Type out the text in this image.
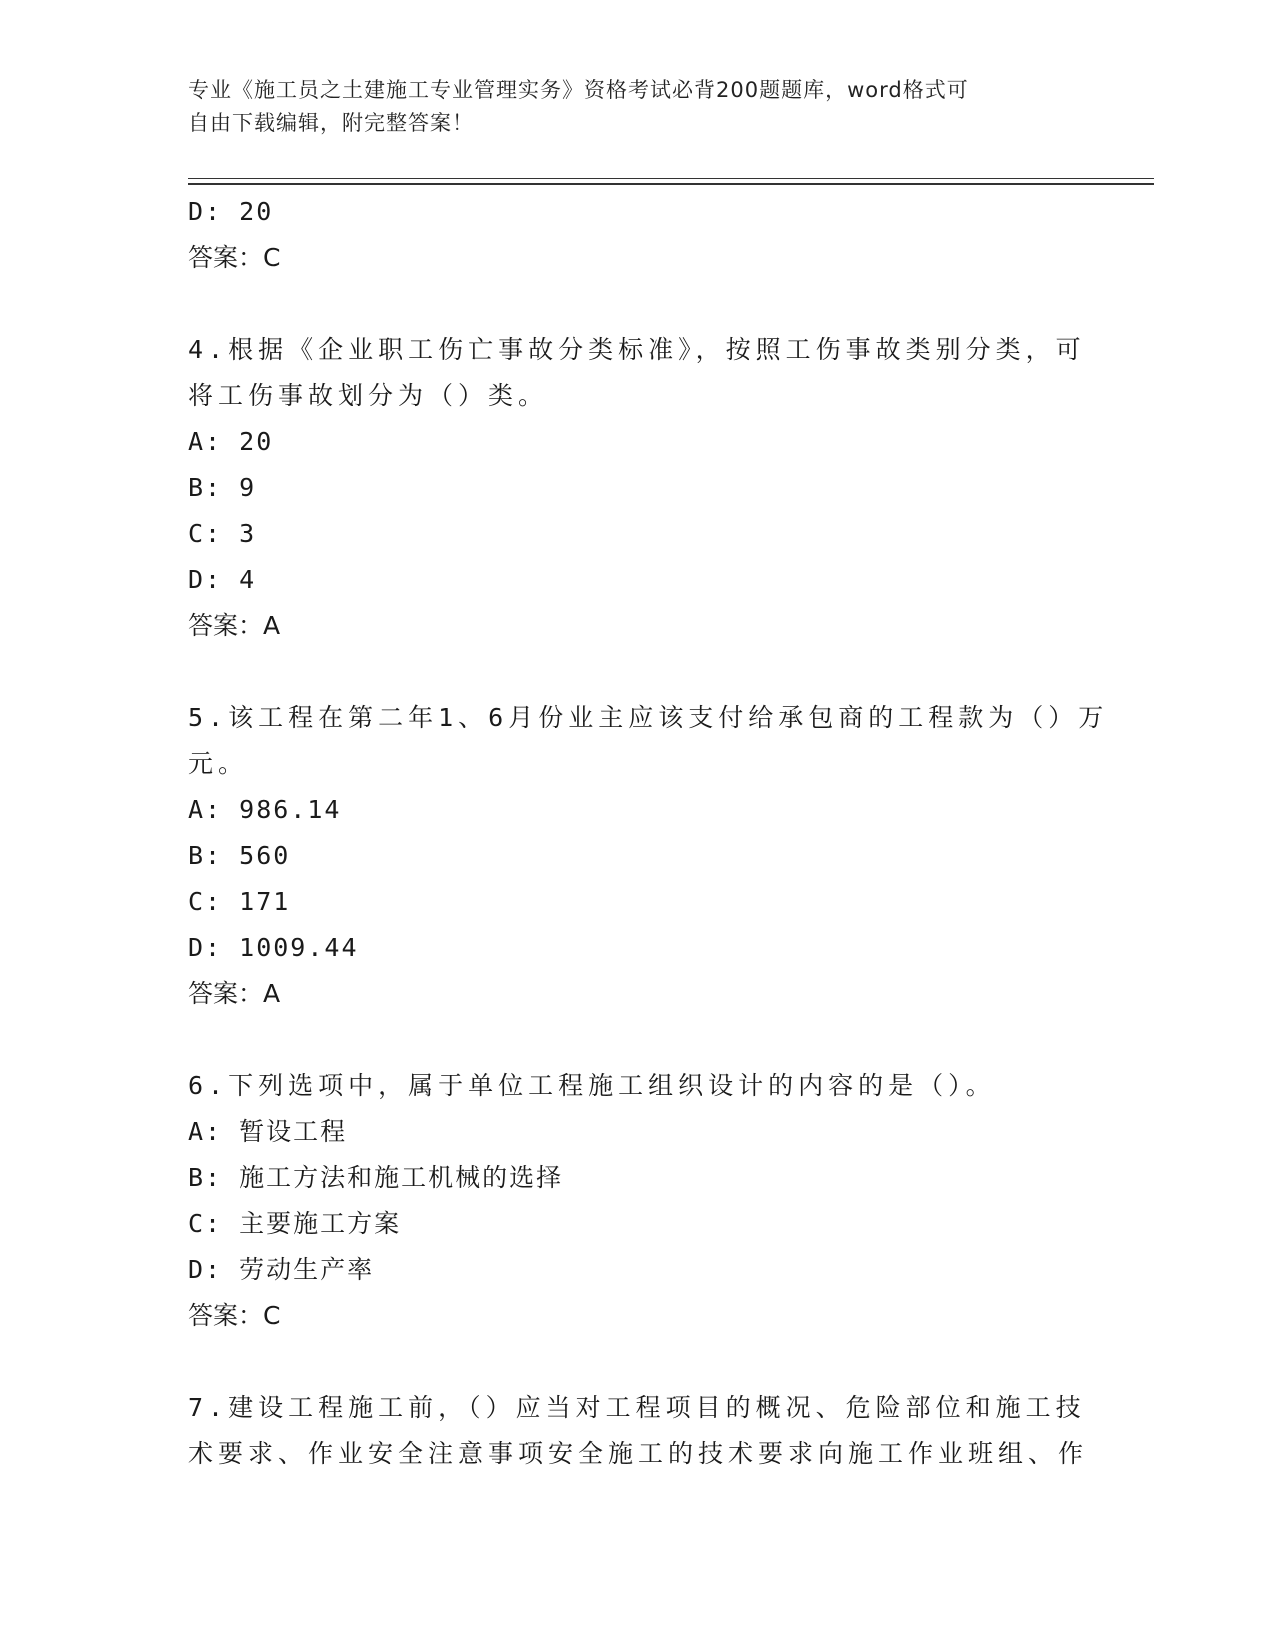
专业《施工员之土建施工专业管理实务》资格考试必背200题题库，word格式可
自由下载编辑，附完整答案！
D: 20
答案：C
4.根据《企业职工伤亡事故分类标准》，按照工伤事故类别分类，可
将工伤事故划分为（）类。
A: 20
B: 9
C: 3
D: 4
答案：A
5.该工程在第二年1、6月份业主应该支付给承包商的工程款为（）万
元。
A: 986.14
B: 560
C: 171
D: 1009.44
答案：A
6.下列选项中，属于单位工程施工组织设计的内容的是（）。
A: 暂设工程
B: 施工方法和施工机械的选择
C: 主要施工方案
D: 劳动生产率
答案：C
7.建设工程施工前，（）应当对工程项目的概况、危险部位和施工技
术要求、作业安全注意事项安全施工的技术要求向施工作业班组、作
